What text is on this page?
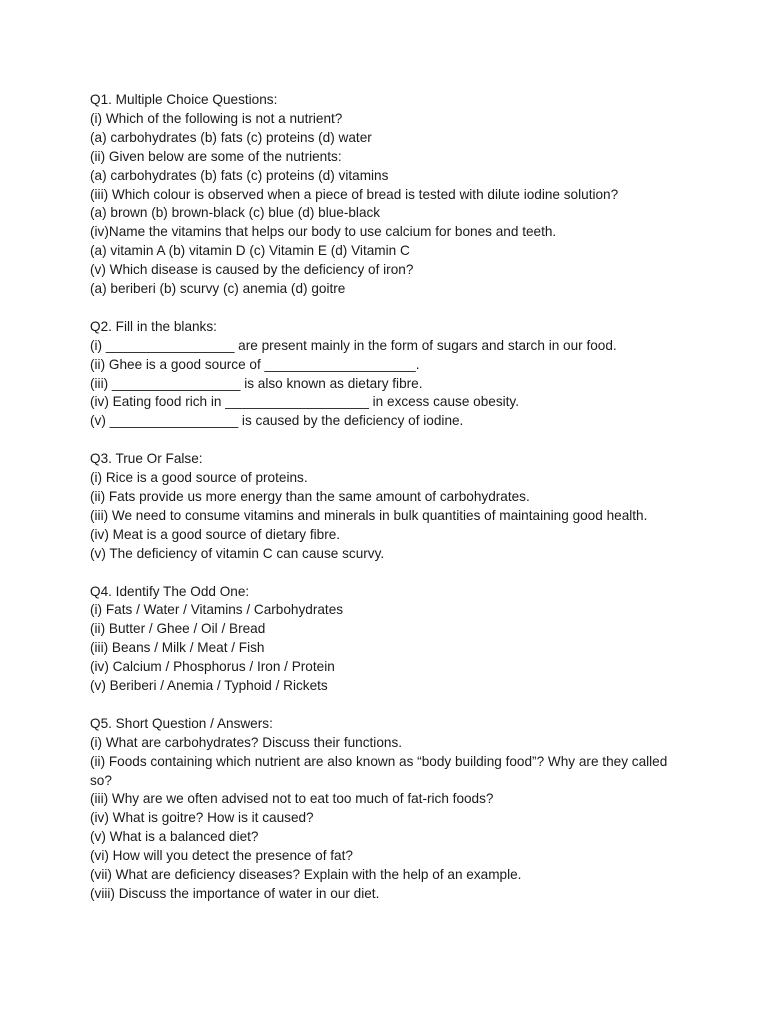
Q1. Multiple Choice Questions:

(i) Which of the following is not a nutrient?

(a) carbohydrates (b) fats (c) proteins (d) water

(ii) Given below are some of the nutrients:

(a) carbohydrates (b) fats (c) proteins (d) vitamins

(iii) Which colour is observed when a piece of bread is tested with dilute iodine solution?

(a) brown (b) brown-black (c) blue (d) blue-black

(iv)Name the vitamins that helps our body to use calcium for bones and teeth.

(a) vitamin A (b) vitamin D (c) Vitamin E (d) Vitamin C

(v) Which disease is caused by the deficiency of iron?

(a) beriberi (b) scurvy (c) anemia (d) goitre

Q2. Fill in the blanks:

(i) _________________ are present mainly in the form of sugars and starch in our food.

(ii) Ghee is a good source of ____________________.

(iii) _________________ is also known as dietary fibre.

(iv) Eating food rich in ___________________ in excess cause obesity.

(v) _________________ is caused by the deficiency of iodine.

Q3. True Or False:

(i) Rice is a good source of proteins.

(ii) Fats provide us more energy than the same amount of carbohydrates.

(iii) We need to consume vitamins and minerals in bulk quantities of maintaining good health.

(iv) Meat is a good source of dietary fibre.

(v) The deficiency of vitamin C can cause scurvy.

Q4. Identify The Odd One:

(i) Fats / Water / Vitamins / Carbohydrates

(ii) Butter / Ghee / Oil / Bread

(iii) Beans / Milk / Meat / Fish

(iv) Calcium / Phosphorus / Iron / Protein

(v) Beriberi / Anemia / Typhoid / Rickets

Q5. Short Question / Answers:

(i) What are carbohydrates? Discuss their functions.

(ii) Foods containing which nutrient are also known as “body building food”? Why are they called so?

(iii) Why are we often advised not to eat too much of fat-rich foods?

(iv) What is goitre? How is it caused?

(v) What is a balanced diet?

(vi) How will you detect the presence of fat?

(vii) What are deficiency diseases? Explain with the help of an example.

(viii) Discuss the importance of water in our diet.
